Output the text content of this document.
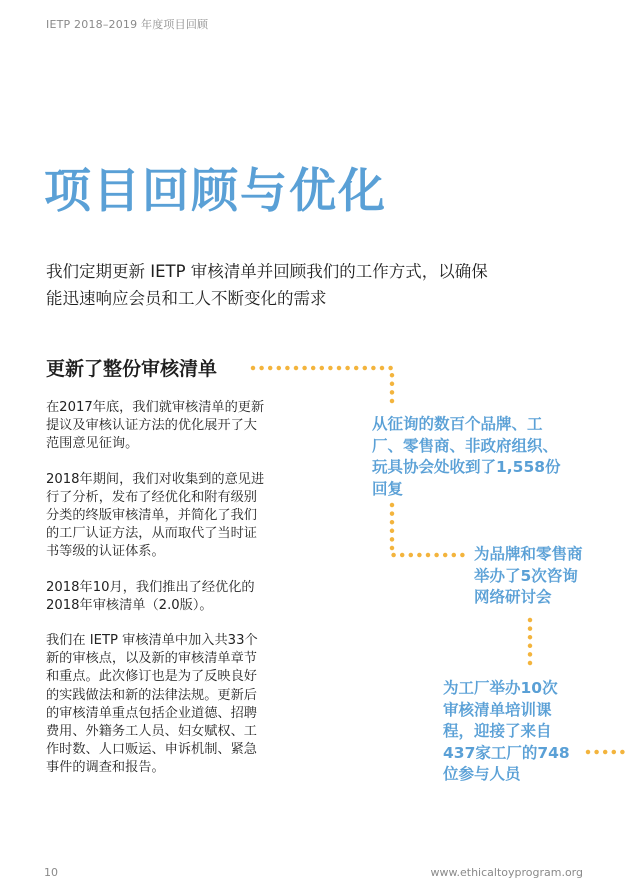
IETP 2018–2019 年度项目回顾
项目回顾与优化
我们定期更新 IETP 审核清单并回顾我们的工作方式，以确保
能迅速响应会员和工人不断变化的需求
更新了整份审核清单

在2017年底，我们就审核清单的更新
提议及审核认证方法的优化展开了大
范围意见征询。

2018年期间，我们对收集到的意见进
行了分析，发布了经优化和附有级别
分类的终版审核清单，并简化了我们
的工厂认证方法，从而取代了当时证
书等级的认证体系。

2018年10月，我们推出了经优化的
2018年审核清单（2.0版）。

我们在 IETP 审核清单中加入共33个
新的审核点，以及新的审核清单章节
和重点。此次修订也是为了反映良好
的实践做法和新的法律法规。更新后
的审核清单重点包括企业道德、招聘
费用、外籍务工人员、妇女赋权、工
作时数、人口贩运、申诉机制、紧急
事件的调查和报告。

从征询的数百个品牌、工
厂、零售商、非政府组织、
玩具协会处收到了1,558份
回复
为品牌和零售商
举办了5次咨询
网络研讨会
为工厂举办10次
审核清单培训课
程，迎接了来自
437家工厂的748
位参与人员
10	www.ethicaltoyprogram.org
